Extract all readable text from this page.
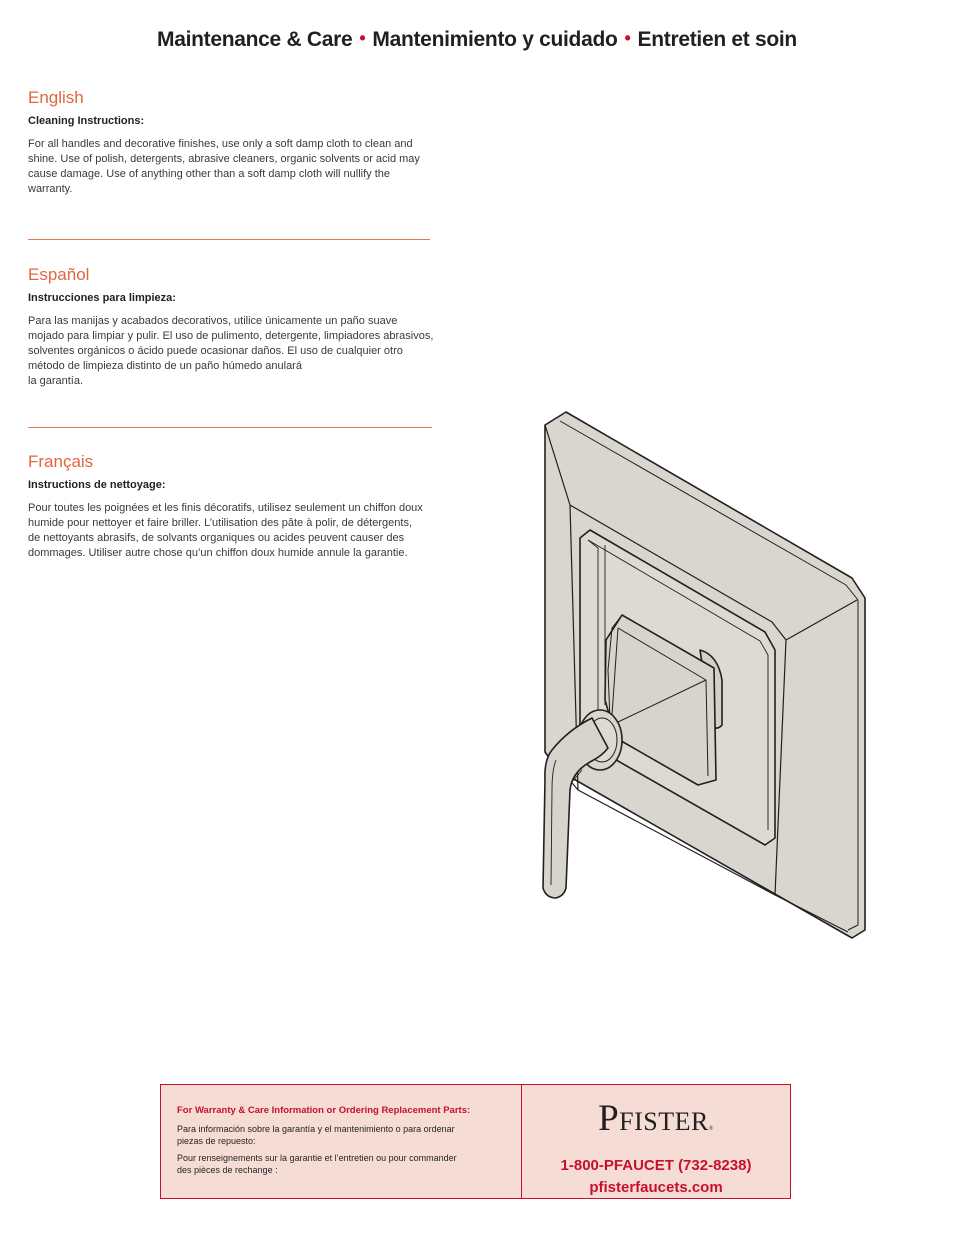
Maintenance & Care • Mantenimiento y cuidado • Entretien et soin
English
Cleaning Instructions:

For all handles and decorative finishes, use only a soft damp cloth to clean and
shine. Use of polish, detergents, abrasive cleaners, organic solvents or acid may
cause damage. Use of anything other than a soft damp cloth will nullify the
warranty.

Español
Instrucciones para limpieza:

Para las manijas y acabados decorativos, utilice únicamente un paño suave
mojado para limpiar y pulir. El uso de pulimento, detergente, limpiadores abrasivos,
solventes orgánicos o ácido puede ocasionar daños. El uso de cualquier otro
método de limpieza distinto de un paño húmedo anulará
la garantía.

Français
Instructions de nettoyage:

Pour toutes les poignées et les finis décoratifs, utilisez seulement un chiffon doux
humide pour nettoyer et faire briller. L’utilisation des pâte à polir, de détergents,
de nettoyants abrasifs, de solvants organiques ou acides peuvent causer des
dommages. Utiliser autre chose qu’un chiffon doux humide annule la garantie.

For Warranty & Care Information or Ordering Replacement Parts:
Para información sobre la garantía y el mantenimiento o para ordenar
piezas de repuesto:
Pour renseignements sur la garantie et l’entretien ou pour commander
des pièces de rechange :
Pfister®
1-800-PFAUCET (732-8238)
pfisterfaucets.com
